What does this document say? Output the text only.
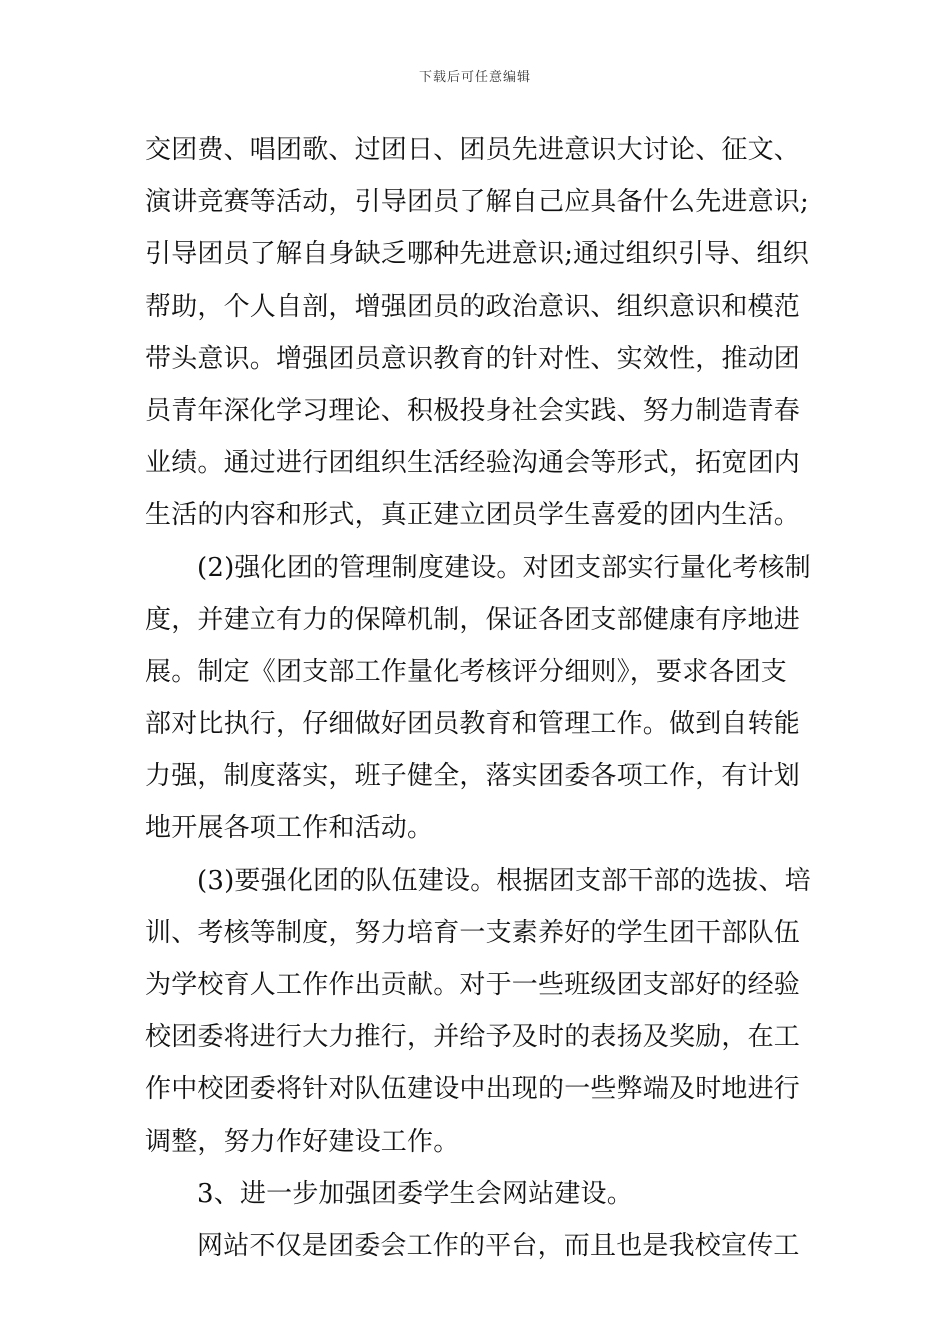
下载后可任意编辑
交团费、唱团歌、过团日、团员先进意识大讨论、征文、
演讲竞赛等活动，引导团员了解自己应具备什么先进意识;
引导团员了解自身缺乏哪种先进意识;通过组织引导、组织
帮助，个人自剖，增强团员的政治意识、组织意识和模范
带头意识。增强团员意识教育的针对性、实效性，推动团
员青年深化学习理论、积极投身社会实践、努力制造青春
业绩。通过进行团组织生活经验沟通会等形式，拓宽团内
生活的内容和形式，真正建立团员学生喜爱的团内生活。
(2)强化团的管理制度建设。对团支部实行量化考核制
度，并建立有力的保障机制，保证各团支部健康有序地进
展。制定《团支部工作量化考核评分细则》，要求各团支
部对比执行，仔细做好团员教育和管理工作。做到自转能
力强，制度落实，班子健全，落实团委各项工作，有计划
地开展各项工作和活动。
(3)要强化团的队伍建设。根据团支部干部的选拔、培
训、考核等制度，努力培育一支素养好的学生团干部队伍
为学校育人工作作出贡献。对于一些班级团支部好的经验
校团委将进行大力推行，并给予及时的表扬及奖励，在工
作中校团委将针对队伍建设中出现的一些弊端及时地进行
调整，努力作好建设工作。
3、进一步加强团委学生会网站建设。
网站不仅是团委会工作的平台，而且也是我校宣传工
